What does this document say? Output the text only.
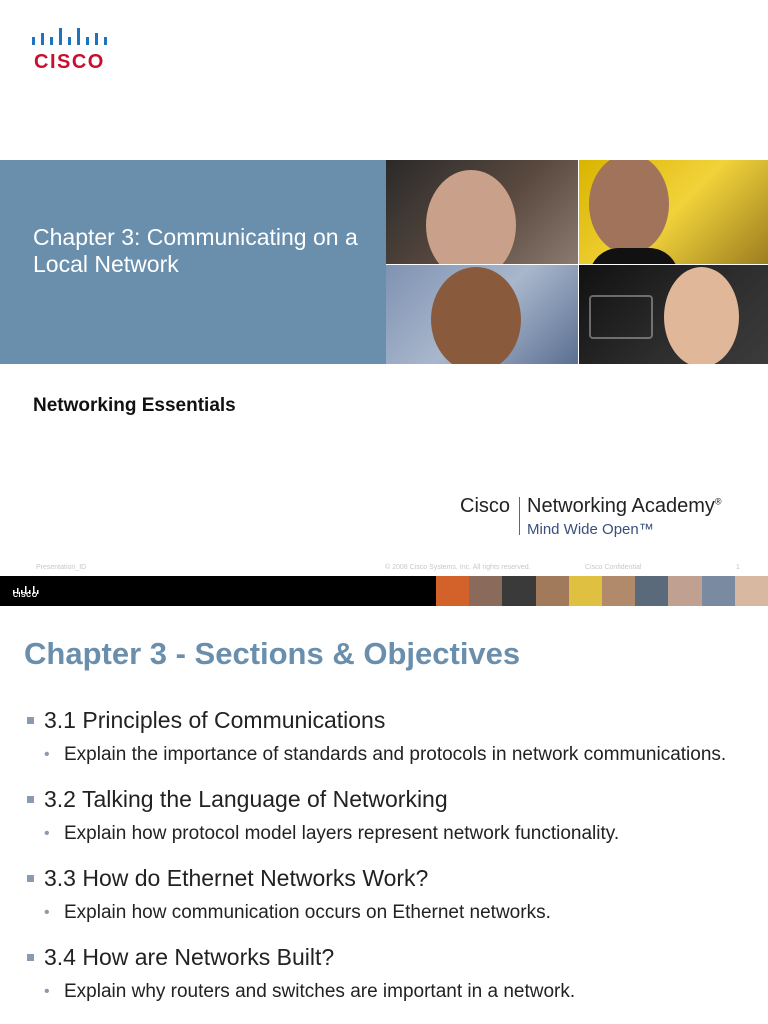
CISCO
Chapter 3: Communicating on a Local Network
Networking Essentials
Cisco Networking Academy®
Mind Wide Open™
Presentation_ID	© 2008 Cisco Systems, Inc. All rights reserved.	Cisco Confidential	1
CISCO
Chapter 3 - Sections & Objectives
3.1 Principles of Communications
• Explain the importance of standards and protocols in network communications.
3.2 Talking the Language of Networking
• Explain how protocol model layers represent network functionality.
3.3 How do Ethernet Networks Work?
• Explain how communication occurs on Ethernet networks.
3.4 How are Networks Built?
• Explain why routers and switches are important in a network.
